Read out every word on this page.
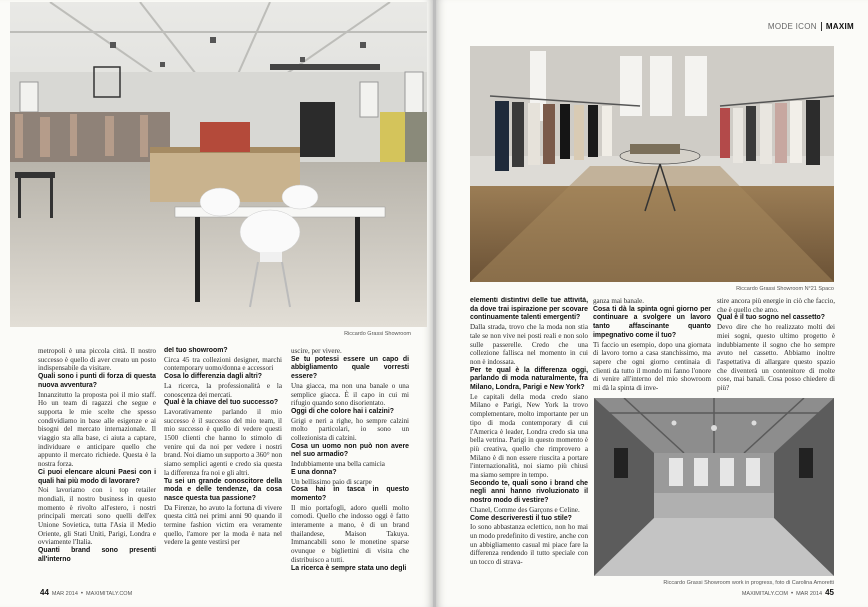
Riccardo Grassi Showroom

metropoli è una piccola città. Il nostro successo è quello di aver creato un posto indispensabile da visitare.

Quali sono i punti di forza di questa nuova avventura?

Innanzitutto la proposta poi il mio staff. Ho un team di ragazzi che segue e supporta le mie scelte che spesso condividiamo in base alle esigenze e ai bisogni del mercato internazionale. Il viaggio sta alla base, ci aiuta a captare, individuare e anticipare quello che appunto il mercato richiede. Questa è la nostra forza.

Ci puoi elencare alcuni Paesi con i quali hai più modo di lavorare?

Noi lavoriamo con i top retailer mondiali, il nostro business in questo momento è rivolto all'estero, i nostri principali mercati sono quelli dell'ex Unione Sovietica, tutta l'Asia il Medio Oriente, gli Stati Uniti, Parigi, Londra e ovviamente l'Italia.

Quanti brand sono presenti all'interno

del tuo showroom?

Circa 45 tra collezioni designer, marchi contemporary uomo/donna e accessori

Cosa lo differenzia dagli altri?

La ricerca, la professionalità e la conoscenza dei mercati.

Qual è la chiave del tuo successo?

Lavorativamente parlando il mio successo è il successo del mio team, il mio successo è quello di vedere questi 1500 clienti che hanno lo stimolo di venire qui da noi per vedere i nostri brand. Noi diamo un supporto a 360° non siamo semplici agenti e credo sia questa la differenza fra noi e gli altri.

Tu sei un grande conoscitore della moda e delle tendenze, da cosa nasce questa tua passione?

Da Firenze, ho avuto la fortuna di vivere questa città nei primi anni 90 quando il termine fashion victim era veramente quello, l'amore per la moda è nata nel vedere la gente vestirsi per

uscire, per vivere.

Se tu potessi essere un capo di abbigliamento quale vorresti essere?

Una giacca, ma non una banale o una semplice giacca. È il capo in cui mi rifugio quando sono disorientato.

Oggi di che colore hai i calzini?

Grigi e neri a righe, ho sempre calzini molto particolari, io sono un collezionista di calzini.

Cosa un uomo non può non avere nel suo armadio?

Indubbiamente una bella camicia

E una donna?

Un bellissimo paio di scarpe

Cosa hai in tasca in questo momento?

Il mio portafogli, adoro quelli molto comodi. Quello che indosso oggi è fatto interamente a mano, è di un brand thailandese, Maison Takuya. Immancabili sono le monetine sparse ovunque e bigliettini di visita che distribuisco a tutti.

La ricerca è sempre stata uno degli

44 MAR 2014 • MAXIMITALY.COM
MODE ICON MAXIM
Riccardo Grassi Showroom N°21 Spaco

elementi distintivi delle tue attività, da dove trai ispirazione per scovare continuamente talenti emergenti?

Dalla strada, trovo che la moda non stia tale se non vive nei posti reali e non solo sulle passerelle. Credo che una collezione fallisca nel momento in cui non è indossata.

Per te qual è la differenza oggi, parlando di moda naturalmente, fra Milano, Londra, Parigi e New York?

Le capitali della moda credo siano Milano e Parigi, New York la trovo complementare, molto importante per un tipo di moda contemporary di cui l'America è leader, Londra credo sia una bella vetrina. Parigi in questo momento è più creativa, quello che rimprovero a Milano è di non essere riuscita a portare l'internazionalità, noi siamo più chiusi ma siamo sempre in tempo.

Secondo te, quali sono i brand che negli anni hanno rivoluzionato il nostro modo di vestire?

Chanel, Comme des Garçons e Celine.

Come descriveresti il tuo stile?

Io sono abbastanza eclettico, non ho mai un modo predefinito di vestire, anche con un abbigliamento casual mi piace fare la differenza rendendo il tutto speciale con un tocco di strava-

ganza mai banale.

Cosa ti dà la spinta ogni giorno per continuare a svolgere un lavoro tanto affascinante quanto impegnativo come il tuo?

Ti faccio un esempio, dopo una giornata di lavoro torno a casa stanchissimo, ma sapere che ogni giorno centinaia di clienti da tutto il mondo mi fanno l'onore di venire all'interno del mio showroom mi dà la spinta di inve-

stire ancora più energie in ciò che faccio, che è quello che amo.

Qual è il tuo sogno nel cassetto?

Devo dire che ho realizzato molti dei miei sogni, questo ultimo progetto è indubbiamente il sogno che ho sempre avuto nel cassetto. Abbiamo inoltre l'aspettativa di allargare questo spazio che diventerà un contenitore di molte cose, mai banali. Cosa posso chiedere di più?

Riccardo Grassi Showroom work in progress, foto di Carolina Amoretti
MAXIMITALY.COM • MAR 2014 45
